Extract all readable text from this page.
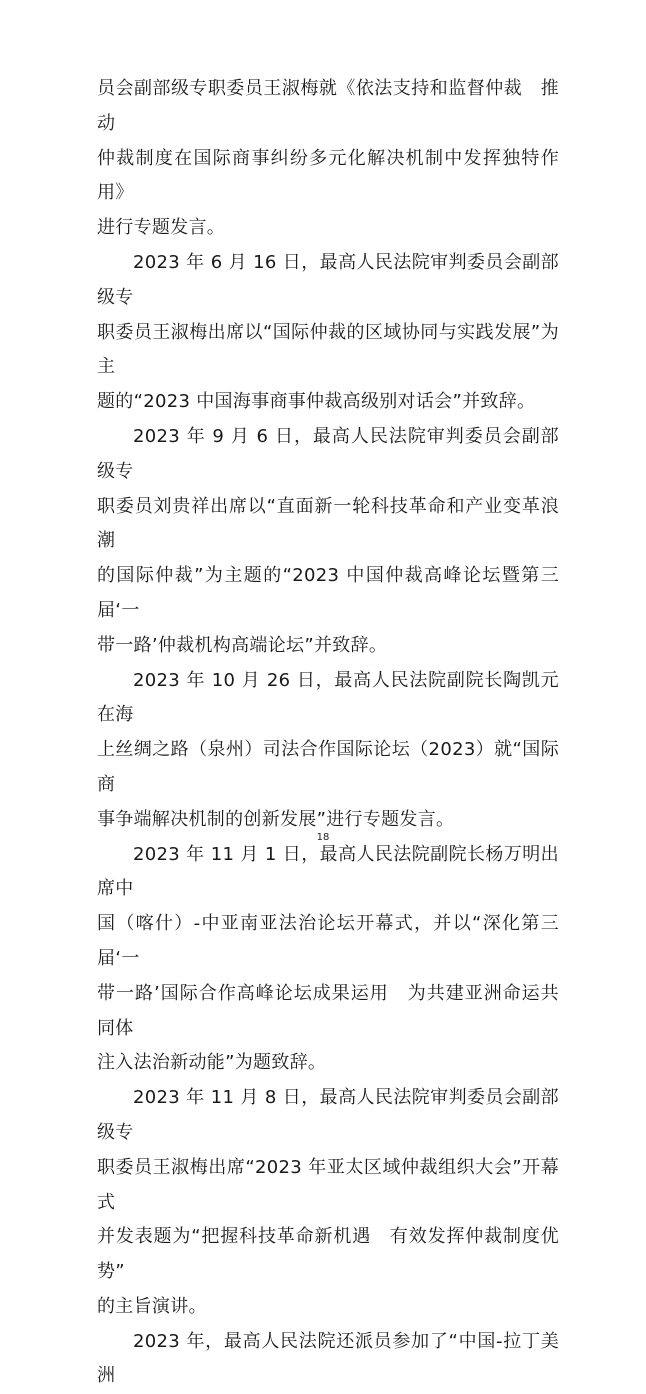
员会副部级专职委员王淑梅就《依法支持和监督仲裁　推动
仲裁制度在国际商事纠纷多元化解决机制中发挥独特作用》
进行专题发言。

2023 年 6 月 16 日，最高人民法院审判委员会副部级专
职委员王淑梅出席以“国际仲裁的区域协同与实践发展”为主
题的“2023 中国海事商事仲裁高级别对话会”并致辞。

2023 年 9 月 6 日，最高人民法院审判委员会副部级专
职委员刘贵祥出席以“直面新一轮科技革命和产业变革浪潮
的国际仲裁”为主题的“2023 中国仲裁高峰论坛暨第三届‘一
带一路’仲裁机构高端论坛”并致辞。

2023 年 10 月 26 日，最高人民法院副院长陶凯元在海
上丝绸之路（泉州）司法合作国际论坛（2023）就“国际商
事争端解决机制的创新发展”进行专题发言。

2023 年 11 月 1 日，最高人民法院副院长杨万明出席中
国（喀什）-中亚南亚法治论坛开幕式，并以“深化第三届‘一
带一路’国际合作高峰论坛成果运用　为共建亚洲命运共同体
注入法治新动能”为题致辞。

2023 年 11 月 8 日，最高人民法院审判委员会副部级专
职委员王淑梅出席“2023 年亚太区域仲裁组织大会”开幕式
并发表题为“把握科技革命新机遇　有效发挥仲裁制度优势”
的主旨演讲。

2023 年，最高人民法院还派员参加了“中国-拉丁美洲

18
